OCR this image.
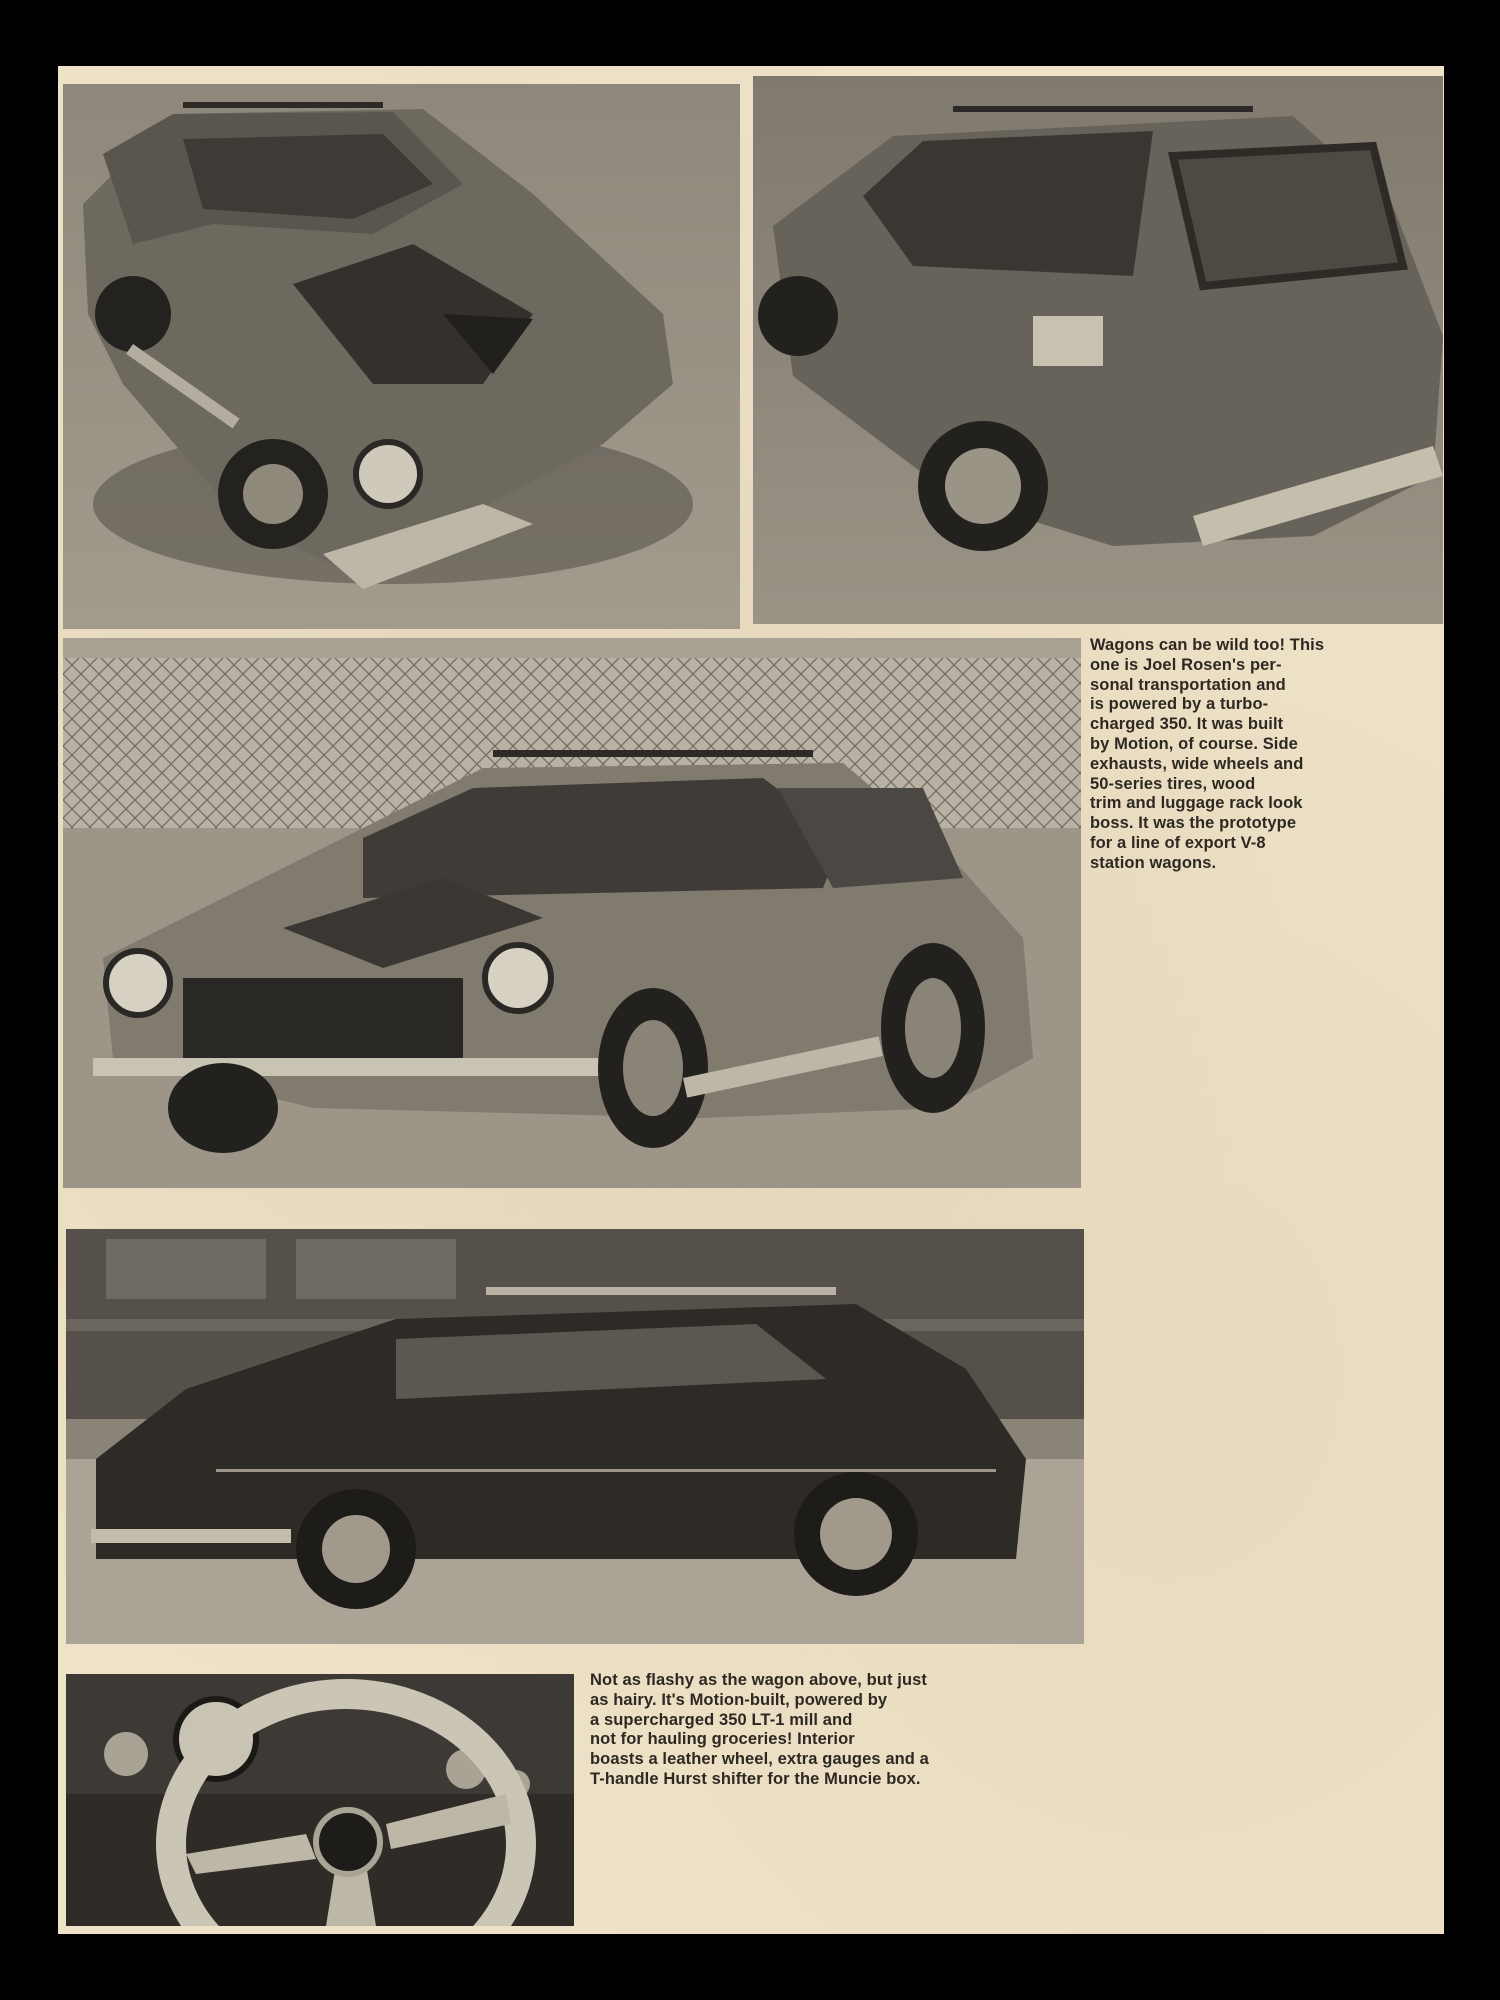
Wagons can be wild too! This
one is Joel Rosen's per-
sonal transportation and
is powered by a turbo-
charged 350. It was built
by Motion, of course. Side
exhausts, wide wheels and
50-series tires, wood
trim and luggage rack look
boss. It was the prototype
for a line of export V-8
station wagons.

Not as flashy as the wagon above, but just
as hairy. It's Motion-built, powered by
a supercharged 350 LT-1 mill and
not for hauling groceries! Interior
boasts a leather wheel, extra gauges and a
T-handle Hurst shifter for the Muncie box.
